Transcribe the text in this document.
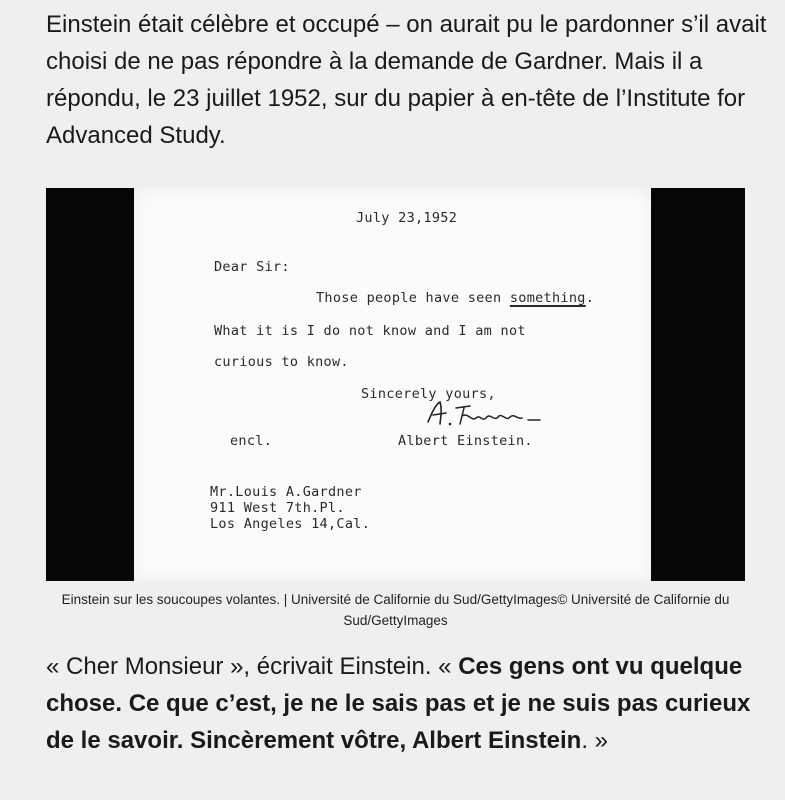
Einstein était célèbre et occupé – on aurait pu le pardonner s’il avait choisi de ne pas répondre à la demande de Gardner. Mais il a répondu, le 23 juillet 1952, sur du papier à en-tête de l’Institute for Advanced Study.

July 23,1952
Dear Sir:
Those people have seen something.
What it is I do not know and I am not
curious to know.
Sincerely yours,
encl.	Albert Einstein.
Mr.Louis A.Gardner
911 West 7th.Pl.
Los Angeles 14,Cal.

Einstein sur les soucoupes volantes. | Université de Californie du Sud/GettyImages© Université de Californie du Sud/GettyImages

« Cher Monsieur », écrivait Einstein. « Ces gens ont vu quelque chose. Ce que c’est, je ne le sais pas et je ne suis pas curieux de le savoir. Sincèrement vôtre, Albert Einstein. »
